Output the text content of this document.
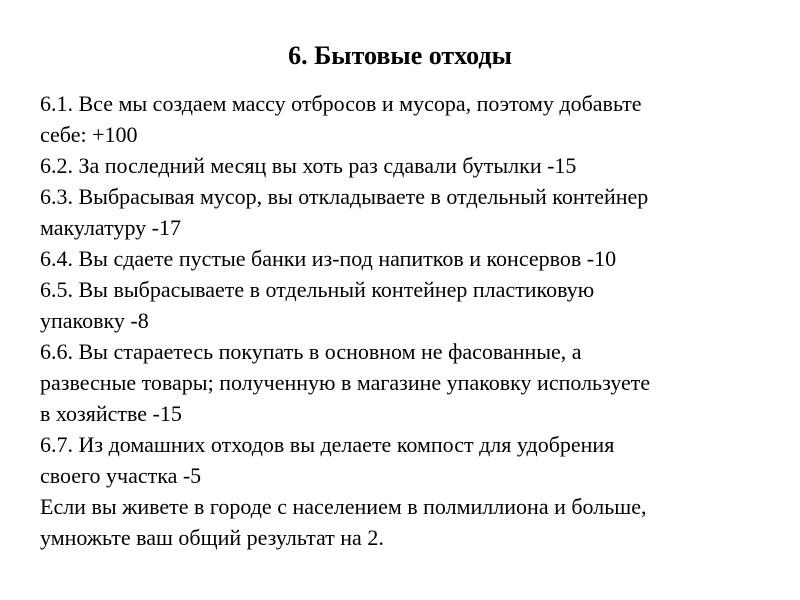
6. Бытовые отходы
6.1. Все мы создаем массу отбросов и мусора, поэтому добавьте
себе: +100
6.2. За последний месяц вы хоть раз сдавали бутылки -15
6.3. Выбрасывая мусор, вы откладываете в отдельный контейнер
макулатуру -17
6.4. Вы сдаете пустые банки из-под напитков и консервов -10
6.5. Вы выбрасываете в отдельный контейнер пластиковую
упаковку -8
6.6. Вы стараетесь покупать в основном не фасованные, а
развесные товары; полученную в магазине упаковку используете
в хозяйстве -15
6.7. Из домашних отходов вы делаете компост для удобрения
своего участка -5
Если вы живете в городе с населением в полмиллиона и больше,
умножьте ваш общий результат на 2.
